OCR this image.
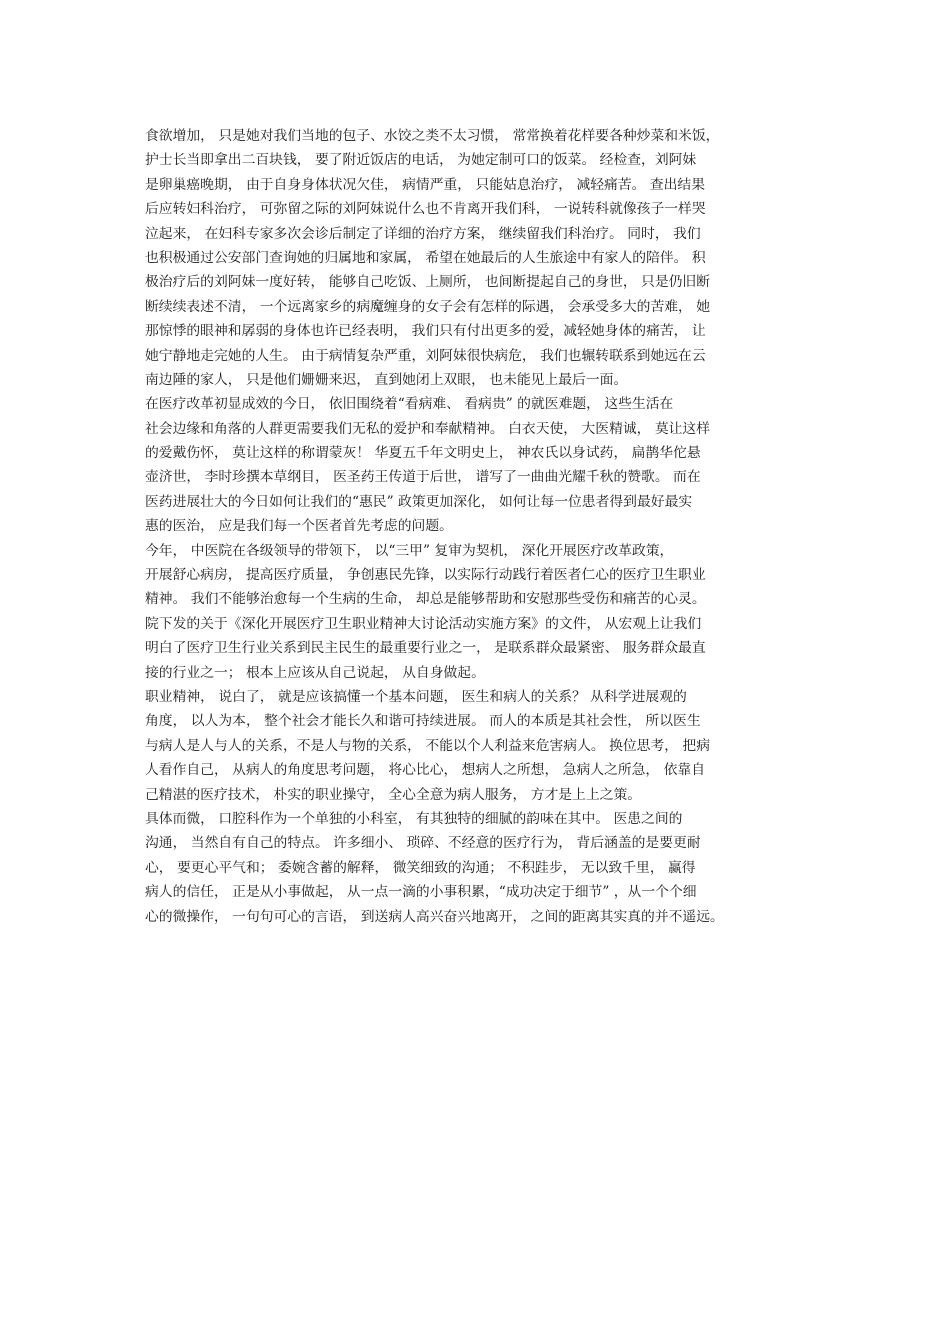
食欲增加， 只是她对我们当地的包子、水饺之类不太习惯， 常常换着花样要各种炒菜和米饭，
护士长当即拿出二百块钱， 要了附近饭店的电话， 为她定制可口的饭菜。 经检查，刘阿妹
是卵巢癌晚期， 由于自身身体状况欠佳， 病情严重， 只能姑息治疗， 减轻痛苦。 查出结果
后应转妇科治疗， 可弥留之际的刘阿妹说什么也不肯离开我们科， 一说转科就像孩子一样哭
泣起来， 在妇科专家多次会诊后制定了详细的治疗方案， 继续留我们科治疗。 同时， 我们
也积极通过公安部门查询她的归属地和家属， 希望在她最后的人生旅途中有家人的陪伴。 积
极治疗后的刘阿妹一度好转， 能够自己吃饭、上厕所， 也间断提起自己的身世， 只是仍旧断
断续续表述不清， 一个远离家乡的病魔缠身的女子会有怎样的际遇， 会承受多大的苦难， 她
那惊悸的眼神和孱弱的身体也许已经表明， 我们只有付出更多的爱，减轻她身体的痛苦， 让
她宁静地走完她的人生。 由于病情复杂严重，刘阿妹很快病危， 我们也辗转联系到她远在云
南边陲的家人， 只是他们姗姗来迟， 直到她闭上双眼， 也未能见上最后一面。
在医疗改革初显成效的今日， 依旧围绕着“看病难、 看病贵” 的就医难题， 这些生活在
社会边缘和角落的人群更需要我们无私的爱护和奉献精神。 白衣天使， 大医精诚， 莫让这样
的爱戴伤怀， 莫让这样的称谓蒙灰！ 华夏五千年文明史上， 神农氏以身试药， 扁鹊华佗悬
壶济世， 李时珍撰本草纲目， 医圣药王传道于后世， 谱写了一曲曲光耀千秋的赞歌。 而在
医药进展壮大的今日如何让我们的“惠民” 政策更加深化， 如何让每一位患者得到最好最实
惠的医治， 应是我们每一个医者首先考虑的问题。
今年， 中医院在各级领导的带领下， 以“三甲” 复审为契机， 深化开展医疗改革政策，
开展舒心病房， 提高医疗质量， 争创惠民先锋，以实际行动践行着医者仁心的医疗卫生职业
精神。 我们不能够治愈每一个生病的生命， 却总是能够帮助和安慰那些受伤和痛苦的心灵。
院下发的关于《深化开展医疗卫生职业精神大讨论活动实施方案》的文件， 从宏观上让我们
明白了医疗卫生行业关系到民主民生的最重要行业之一， 是联系群众最紧密、 服务群众最直
接的行业之一； 根本上应该从自己说起， 从自身做起。
职业精神， 说白了， 就是应该搞懂一个基本问题， 医生和病人的关系？ 从科学进展观的
角度， 以人为本， 整个社会才能长久和谐可持续进展。 而人的本质是其社会性， 所以医生
与病人是人与人的关系，不是人与物的关系， 不能以个人利益来危害病人。 换位思考， 把病
人看作自己， 从病人的角度思考问题， 将心比心， 想病人之所想， 急病人之所急， 依靠自
己精湛的医疗技术， 朴实的职业操守， 全心全意为病人服务， 方才是上上之策。
具体而微， 口腔科作为一个单独的小科室， 有其独特的细腻的韵味在其中。 医患之间的
沟通， 当然自有自己的特点。 许多细小、 琐碎、不经意的医疗行为， 背后涵盖的是要更耐
心， 要更心平气和； 委婉含蓄的解释， 微笑细致的沟通； 不积跬步， 无以致千里， 赢得
病人的信任， 正是从小事做起， 从一点一滴的小事积累，“成功决定于细节” ，从一个个细
心的微操作， 一句句可心的言语， 到送病人高兴奋兴地离开， 之间的距离其实真的并不遥远。
